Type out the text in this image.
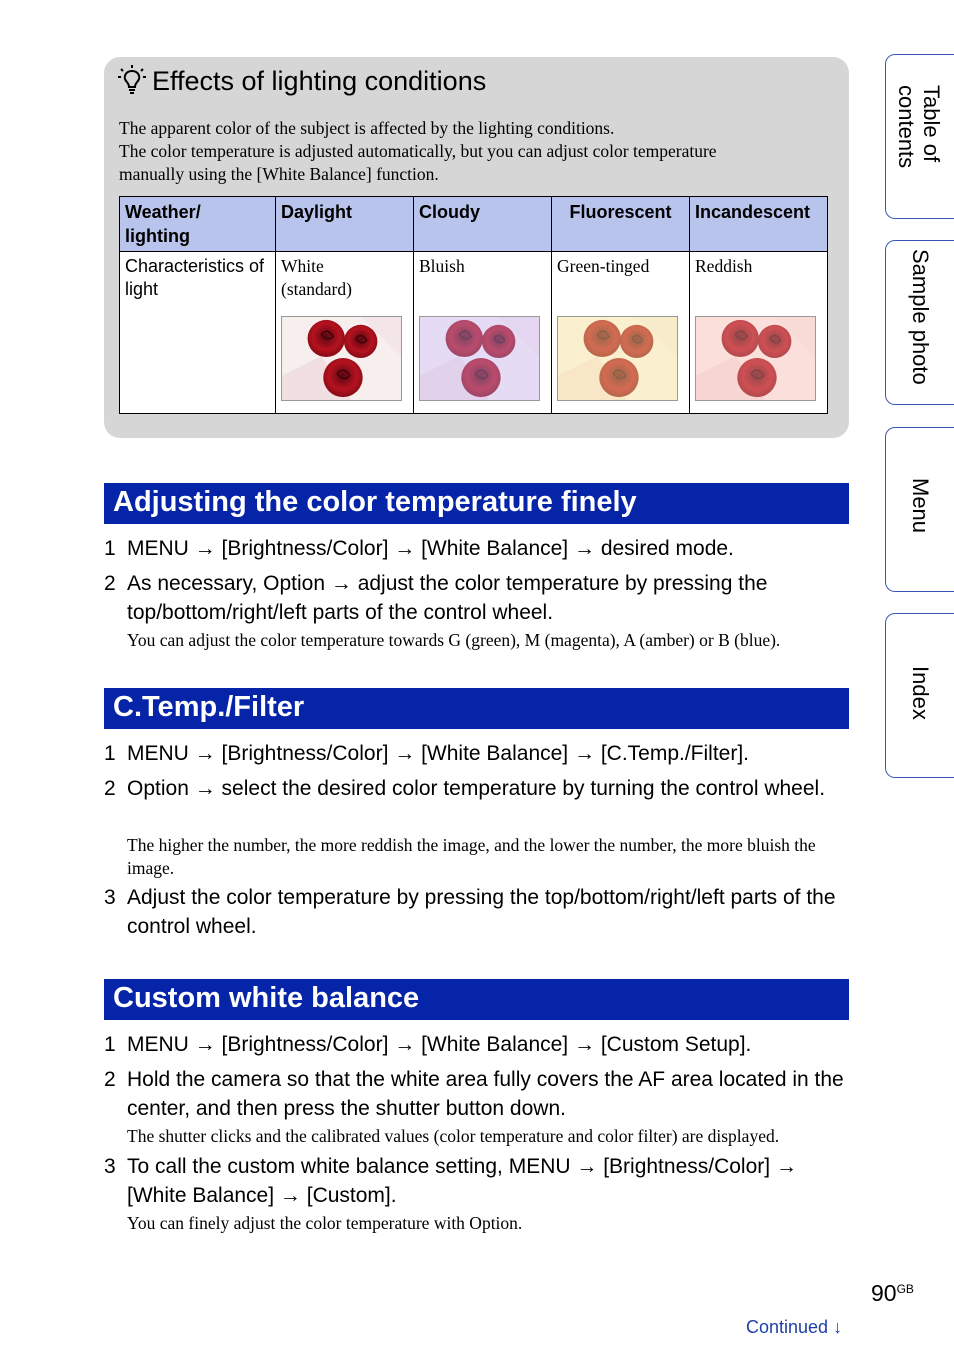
Effects of lighting conditions
The apparent color of the subject is affected by the lighting conditions.
The color temperature is adjusted automatically, but you can adjust color temperature
manually using the [White Balance] function.
Weather/ lighting	Daylight	Cloudy	Fluorescent	Incandescent
Characteristics of light	White (standard)	Bluish	Green-tinged	Reddish
Adjusting the color temperature finely
1 MENU → [Brightness/Color] → [White Balance] → desired mode.
2 As necessary, Option → adjust the color temperature by pressing the top/bottom/right/left parts of the control wheel.
You can adjust the color temperature towards G (green), M (magenta), A (amber) or B (blue).
C.Temp./Filter
1 MENU → [Brightness/Color] → [White Balance] → [C.Temp./Filter].
2 Option → select the desired color temperature by turning the control wheel.
The higher the number, the more reddish the image, and the lower the number, the more bluish the image.
3 Adjust the color temperature by pressing the top/bottom/right/left parts of the control wheel.
Custom white balance
1 MENU → [Brightness/Color] → [White Balance] → [Custom Setup].
2 Hold the camera so that the white area fully covers the AF area located in the center, and then press the shutter button down.
The shutter clicks and the calibrated values (color temperature and color filter) are displayed.
3 To call the custom white balance setting, MENU → [Brightness/Color] → [White Balance] → [Custom].
You can finely adjust the color temperature with Option.
Table of
contents
Sample photo
Menu
Index
$90^{GB}$
Continued ↓
